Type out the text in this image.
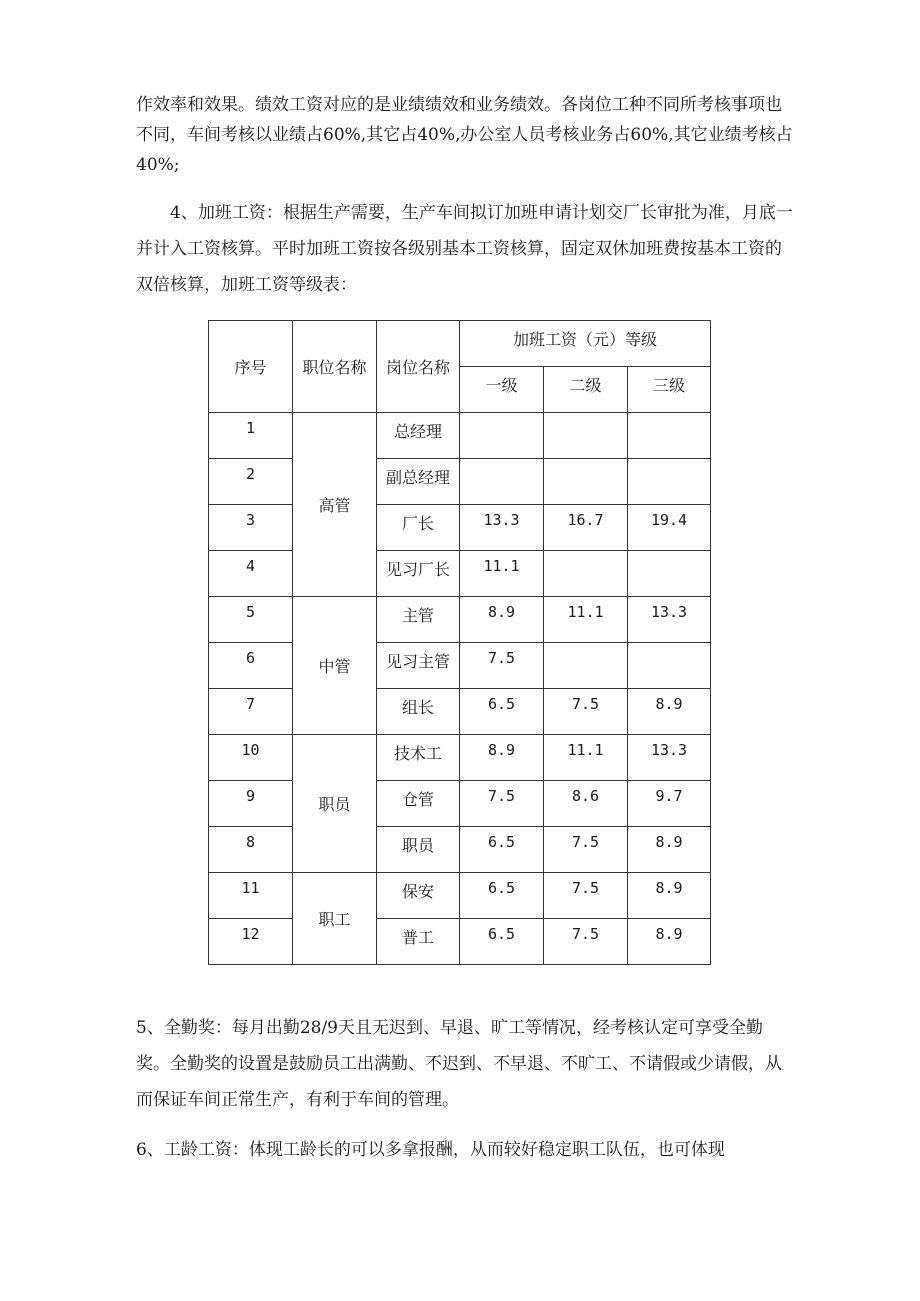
作效率和效果。绩效工资对应的是业绩绩效和业务绩效。各岗位工种不同所考核事项也不同，车间考核以业绩占60%,其它占40%,办公室人员考核业务占60%,其它业绩考核占40%;

4、加班工资：根据生产需要，生产车间拟订加班申请计划交厂长审批为准，月底一并计入工资核算。平时加班工资按各级别基本工资核算，固定双休加班费按基本工资的双倍核算，加班工资等级表：

序号	职位名称	岗位名称	加班工资（元）等级		
			一级	二级	三级
1	高管	总经理			
2		副总经理			
3		厂长	13.3	16.7	19.4
4		见习厂长	11.1		
5	中管	主管	8.9	11.1	13.3
6		见习主管	7.5		
7		组长	6.5	7.5	8.9
10	职员	技术工	8.9	11.1	13.3
9		仓管	7.5	8.6	9.7
8		职员	6.5	7.5	8.9
11	职工	保安	6.5	7.5	8.9
12		普工	6.5	7.5	8.9

5、全勤奖：每月出勤28/9天且无迟到、早退、旷工等情况，经考核认定可享受全勤奖。全勤奖的设置是鼓励员工出满勤、不迟到、不早退、不旷工、不请假或少请假，从而保证车间正常生产，有利于车间的管理。

6、工龄工资：体现工龄长的可以多拿报酬，从而较好稳定职工队伍，也可体现
